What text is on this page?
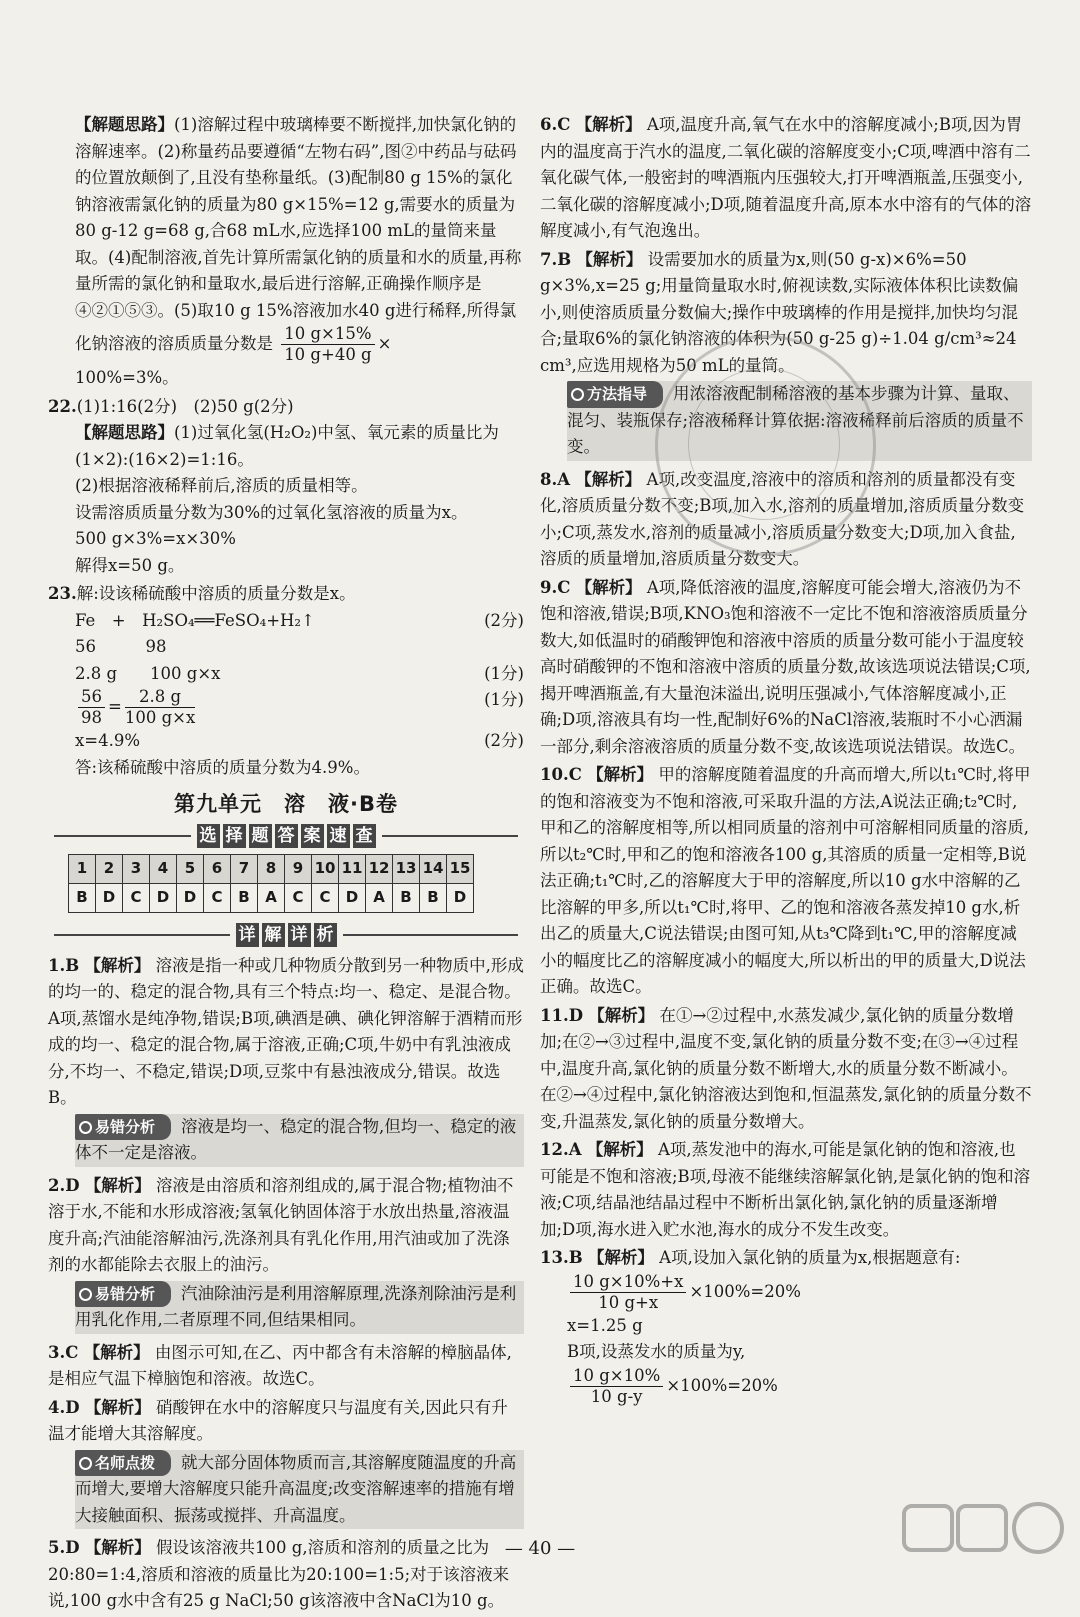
【解题思路】(1)溶解过程中玻璃棒要不断搅拌,加快氯化钠的溶解速率。(2)称量药品要遵循“左物右码”,图②中药品与砝码的位置放颠倒了,且没有垫称量纸。(3)配制80 g 15%的氯化钠溶液需氯化钠的质量为80 g×15%=12 g,需要水的质量为80 g-12 g=68 g,合68 mL水,应选择100 mL的量筒来量取。(4)配制溶液,首先计算所需氯化钠的质量和水的质量,再称量所需的氯化钠和量取水,最后进行溶解,正确操作顺序是④②①⑤③。(5)取10 g 15%溶液加水40 g进行稀释,所得氯化钠溶液的溶质质量分数是 $\frac{10 g\times 15\%}{10 g+40 g}$ ×
100%=3%。
22.(1)1:16(2分)　(2)50 g(2分)
【解题思路】(1)过氧化氢(H₂O₂)中氢、氧元素的质量比为
(1×2):(16×2)=1:16。
(2)根据溶液稀释前后,溶质的质量相等。
设需溶质质量分数为30%的过氧化氢溶液的质量为x。
500 g×3%=x×30%
解得x=50 g。
23.解:设该稀硫酸中溶质的质量分数是x。
Fe　+　H₂SO₄══FeSO₄+H₂↑	(2分)
56　　　98
2.8 g　　100 g×x	(1分)
$\frac{56}{98} = \frac{2.8 g}{100 g\times x}$	(1分)
x=4.9%	(2分)
答:该稀硫酸中溶质的质量分数为4.9%。
第九单元　溶　液·B卷
选 择 题 答 案 速 查
1	2	3	4	5	6	7	8	9	10	11	12	13	14	15
B	D	C	D	D	C	B	A	C	C	D	A	B	B	D
详 解 详 析
1.B 【解析】 溶液是指一种或几种物质分散到另一种物质中,形成的均一的、稳定的混合物,具有三个特点:均一、稳定、是混合物。A项,蒸馏水是纯净物,错误;B项,碘酒是碘、碘化钾溶解于酒精而形成的均一、稳定的混合物,属于溶液,正确;C项,牛奶中有乳浊液成分,不均一、不稳定,错误;D项,豆浆中有悬浊液成分,错误。故选B。
易错分析 溶液是均一、稳定的混合物,但均一、稳定的液体不一定是溶液。
2.D 【解析】 溶液是由溶质和溶剂组成的,属于混合物;植物油不溶于水,不能和水形成溶液;氢氧化钠固体溶于水放出热量,溶液温度升高;汽油能溶解油污,洗涤剂具有乳化作用,用汽油或加了洗涤剂的水都能除去衣服上的油污。
易错分析 汽油除油污是利用溶解原理,洗涤剂除油污是利用乳化作用,二者原理不同,但结果相同。
3.C 【解析】 由图示可知,在乙、丙中都含有未溶解的樟脑晶体,是相应气温下樟脑饱和溶液。故选C。
4.D 【解析】 硝酸钾在水中的溶解度只与温度有关,因此只有升温才能增大其溶解度。
名师点拨 就大部分固体物质而言,其溶解度随温度的升高而增大,要增大溶解度只能升高温度;改变溶解速率的措施有增大接触面积、振荡或搅拌、升高温度。
5.D 【解析】 假设该溶液共100 g,溶质和溶剂的质量之比为20:80=1:4,溶质和溶液的质量比为20:100=1:5;对于该溶液来说,100 g水中含有25 g NaCl;50 g该溶液中含NaCl为10 g。
6.C 【解析】 A项,温度升高,氧气在水中的溶解度减小;B项,因为胃内的温度高于汽水的温度,二氧化碳的溶解度变小;C项,啤酒中溶有二氧化碳气体,一般密封的啤酒瓶内压强较大,打开啤酒瓶盖,压强变小,二氧化碳的溶解度减小;D项,随着温度升高,原本水中溶有的气体的溶解度减小,有气泡逸出。
7.B 【解析】 设需要加水的质量为x,则(50 g-x)×6%=50 g×3%,x=25 g;用量筒量取水时,俯视读数,实际液体体积比读数偏小,则使溶质质量分数偏大;操作中玻璃棒的作用是搅拌,加快均匀混合;量取6%的氯化钠溶液的体积为(50 g-25 g)÷1.04 g/cm³≈24 cm³,应选用规格为50 mL的量筒。
方法指导 用浓溶液配制稀溶液的基本步骤为计算、量取、混匀、装瓶保存;溶液稀释计算依据:溶液稀释前后溶质的质量不变。
8.A 【解析】 A项,改变温度,溶液中的溶质和溶剂的质量都没有变化,溶质质量分数不变;B项,加入水,溶剂的质量增加,溶质质量分数变小;C项,蒸发水,溶剂的质量减小,溶质质量分数变大;D项,加入食盐,溶质的质量增加,溶质质量分数变大。
9.C 【解析】 A项,降低溶液的温度,溶解度可能会增大,溶液仍为不饱和溶液,错误;B项,KNO₃饱和溶液不一定比不饱和溶液溶质质量分数大,如低温时的硝酸钾饱和溶液中溶质的质量分数可能小于温度较高时硝酸钾的不饱和溶液中溶质的质量分数,故该选项说法错误;C项,揭开啤酒瓶盖,有大量泡沫溢出,说明压强减小,气体溶解度减小,正确;D项,溶液具有均一性,配制好6%的NaCl溶液,装瓶时不小心洒漏一部分,剩余溶液溶质的质量分数不变,故该选项说法错误。故选C。
10.C 【解析】 甲的溶解度随着温度的升高而增大,所以t₁℃时,将甲的饱和溶液变为不饱和溶液,可采取升温的方法,A说法正确;t₂℃时,甲和乙的溶解度相等,所以相同质量的溶剂中可溶解相同质量的溶质,所以t₂℃时,甲和乙的饱和溶液各100 g,其溶质的质量一定相等,B说法正确;t₁℃时,乙的溶解度大于甲的溶解度,所以10 g水中溶解的乙比溶解的甲多,所以t₁℃时,将甲、乙的饱和溶液各蒸发掉10 g水,析出乙的质量大,C说法错误;由图可知,从t₃℃降到t₁℃,甲的溶解度减小的幅度比乙的溶解度减小的幅度大,所以析出的甲的质量大,D说法正确。故选C。
11.D 【解析】 在①→②过程中,水蒸发减少,氯化钠的质量分数增加;在②→③过程中,温度不变,氯化钠的质量分数不变;在③→④过程中,温度升高,氯化钠的质量分数不断增大,水的质量分数不断减小。在②→④过程中,氯化钠溶液达到饱和,恒温蒸发,氯化钠的质量分数不变,升温蒸发,氯化钠的质量分数增大。
12.A 【解析】 A项,蒸发池中的海水,可能是氯化钠的饱和溶液,也可能是不饱和溶液;B项,母液不能继续溶解氯化钠,是氯化钠的饱和溶液;C项,结晶池结晶过程中不断析出氯化钠,氯化钠的质量逐渐增加;D项,海水进入贮水池,海水的成分不发生改变。
13.B 【解析】 A项,设加入氯化钠的质量为x,根据题意有:
$\frac{10 g\times 10\%+x}{10 g+x} \times 100\%=20\%$
x=1.25 g
B项,设蒸发水的质量为y,
$\frac{10 g\times 10\%}{10 g-y} \times 100\%=20\%$
— 40 —
